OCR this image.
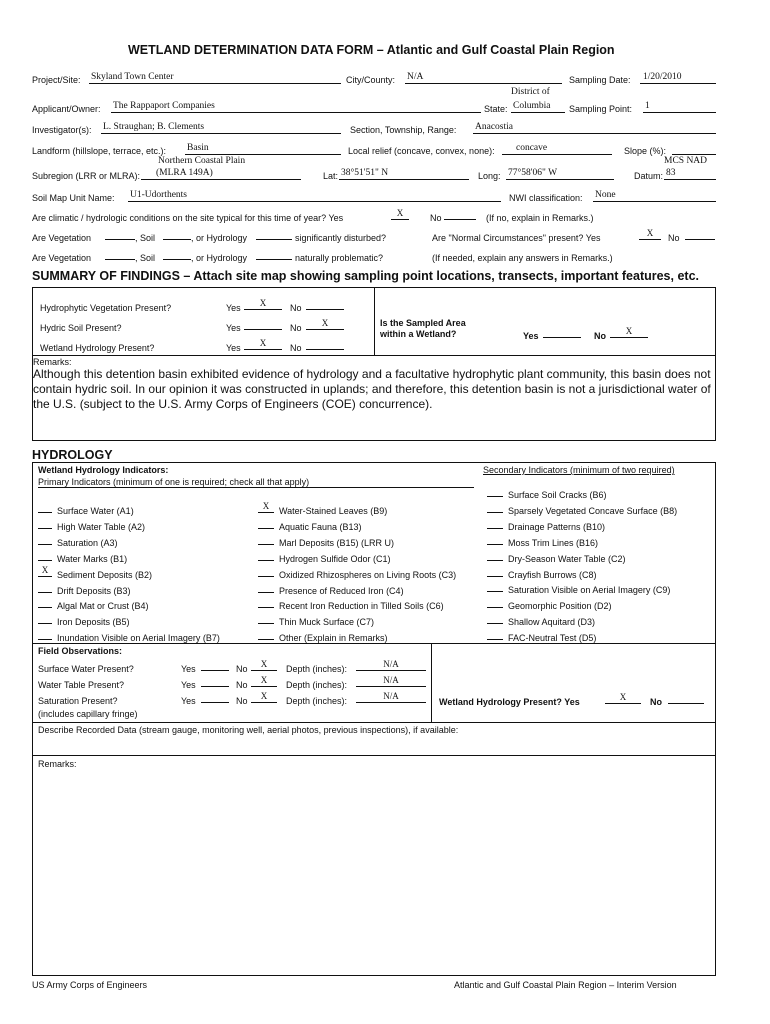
WETLAND DETERMINATION DATA FORM – Atlantic and Gulf Coastal Plain Region
Project/Site: Skyland Town Center	City/County: N/A	Sampling Date: 1/20/2010
District of
Applicant/Owner: The Rappaport Companies	State: Columbia Sampling Point: 1
Investigator(s): L. Straughan; B. Clements	Section, Township, Range: Anacostia
Landform (hillslope, terrace, etc.): Basin	Local relief (concave, convex, none): concave	Slope (%):
Northern Coastal Plain	MCS NAD
Subregion (LRR or MLRA): (MLRA 149A)	Lat: 38°51'51" N	Long: 77°58'06" W	Datum: 83
Soil Map Unit Name: U1-Udorthents	NWI classification: None
Are climatic / hydrologic conditions on the site typical for this time of year? Yes	X	No	(If no, explain in Remarks.)
Are Vegetation	, Soil	, or Hydrology	significantly disturbed?	Are "Normal Circumstances" present? Yes	X	No
Are Vegetation	, Soil	, or Hydrology	naturally problematic?	(If needed, explain any answers in Remarks.)
SUMMARY OF FINDINGS – Attach site map showing sampling point locations, transects, important features, etc.
Hydrophytic Vegetation Present?	Yes	X	No
Hydric Soil Present?	Yes	No	X
Wetland Hydrology Present?	Yes	X	No
Is the Sampled Area
within a Wetland?	Yes	No	X
Remarks:
Although this detention basin exhibited evidence of hydrology and a facultative hydrophytic plant community, this basin does not contain hydric soil. In our opinion it was constructed in uplands; and therefore, this detention basin is not a jurisdictional water of the U.S. (subject to the U.S. Army Corps of Engineers (COE) concurrence).
HYDROLOGY
Wetland Hydrology Indicators:
Primary Indicators (minimum of one is required; check all that apply)
Secondary Indicators (minimum of two required)
Surface Water (A1)
High Water Table (A2)
Saturation (A3)
Water Marks (B1)
X Sediment Deposits (B2)
Drift Deposits (B3)
Algal Mat or Crust (B4)
Iron Deposits (B5)
Inundation Visible on Aerial Imagery (B7)
X	Water-Stained Leaves (B9)
Aquatic Fauna (B13)
Marl Deposits (B15) (LRR U)
Hydrogen Sulfide Odor (C1)
Oxidized Rhizospheres on Living Roots (C3)
Presence of Reduced Iron (C4)
Recent Iron Reduction in Tilled Soils (C6)
Thin Muck Surface (C7)
Other (Explain in Remarks)
Surface Soil Cracks (B6)
Sparsely Vegetated Concave Surface (B8)
Drainage Patterns (B10)
Moss Trim Lines (B16)
Dry-Season Water Table (C2)
Crayfish Burrows (C8)
Saturation Visible on Aerial Imagery (C9)
Geomorphic Position (D2)
Shallow Aquitard (D3)
FAC-Neutral Test (D5)
Field Observations:
Surface Water Present?	Yes	No	X	Depth (inches):	N/A
Water Table Present?	Yes	No	X	Depth (inches):	N/A
Saturation Present?	Yes	No	X	Depth (inches):	N/A
(includes capillary fringe)
Wetland Hydrology Present? Yes	X	No
Describe Recorded Data (stream gauge, monitoring well, aerial photos, previous inspections), if available:
Remarks:
US Army Corps of Engineers	Atlantic and Gulf Coastal Plain Region – Interim Version
